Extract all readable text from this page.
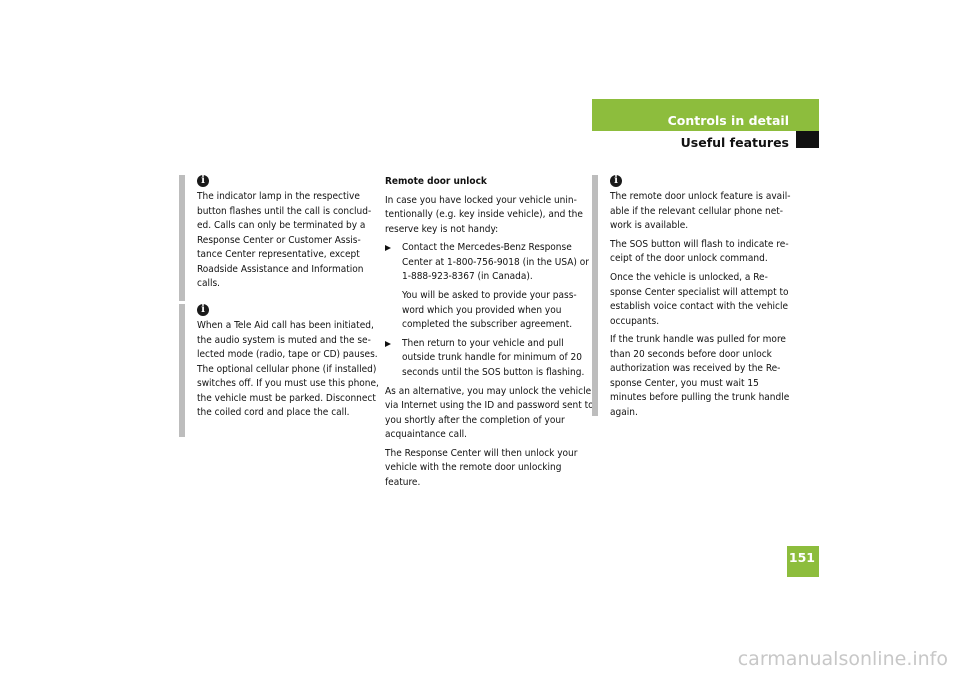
Controls in detail
Useful features
i

The indicator lamp in the respective button flashes until the call is concluded. Calls can only be terminated by a Response Center or Customer Assistance Center representative, except Roadside Assistance and Information calls.

i

When a Tele Aid call has been initiated, the audio system is muted and the selected mode (radio, tape or CD) pauses. The optional cellular phone (if installed) switches off. If you must use this phone, the vehicle must be parked. Disconnect the coiled cord and place the call.

Remote door unlock

In case you have locked your vehicle unintentionally (e.g. key inside vehicle), and the reserve key is not handy:

Contact the Mercedes-Benz Response Center at 1-800-756-9018 (in the USA) or 1-888-923-8367 (in Canada).

You will be asked to provide your password which you provided when you completed the subscriber agreement.

Then return to your vehicle and pull outside trunk handle for minimum of 20 seconds until the SOS button is flashing.

As an alternative, you may unlock the vehicle via Internet using the ID and password sent to you shortly after the completion of your acquaintance call.

The Response Center will then unlock your vehicle with the remote door unlocking feature.

i

The remote door unlock feature is available if the relevant cellular phone network is available.

The SOS button will flash to indicate receipt of the door unlock command.

Once the vehicle is unlocked, a Response Center specialist will attempt to establish voice contact with the vehicle occupants.

If the trunk handle was pulled for more than 20 seconds before door unlock authorization was received by the Response Center, you must wait 15 minutes before pulling the trunk handle again.

151
carmanualsonline.info
